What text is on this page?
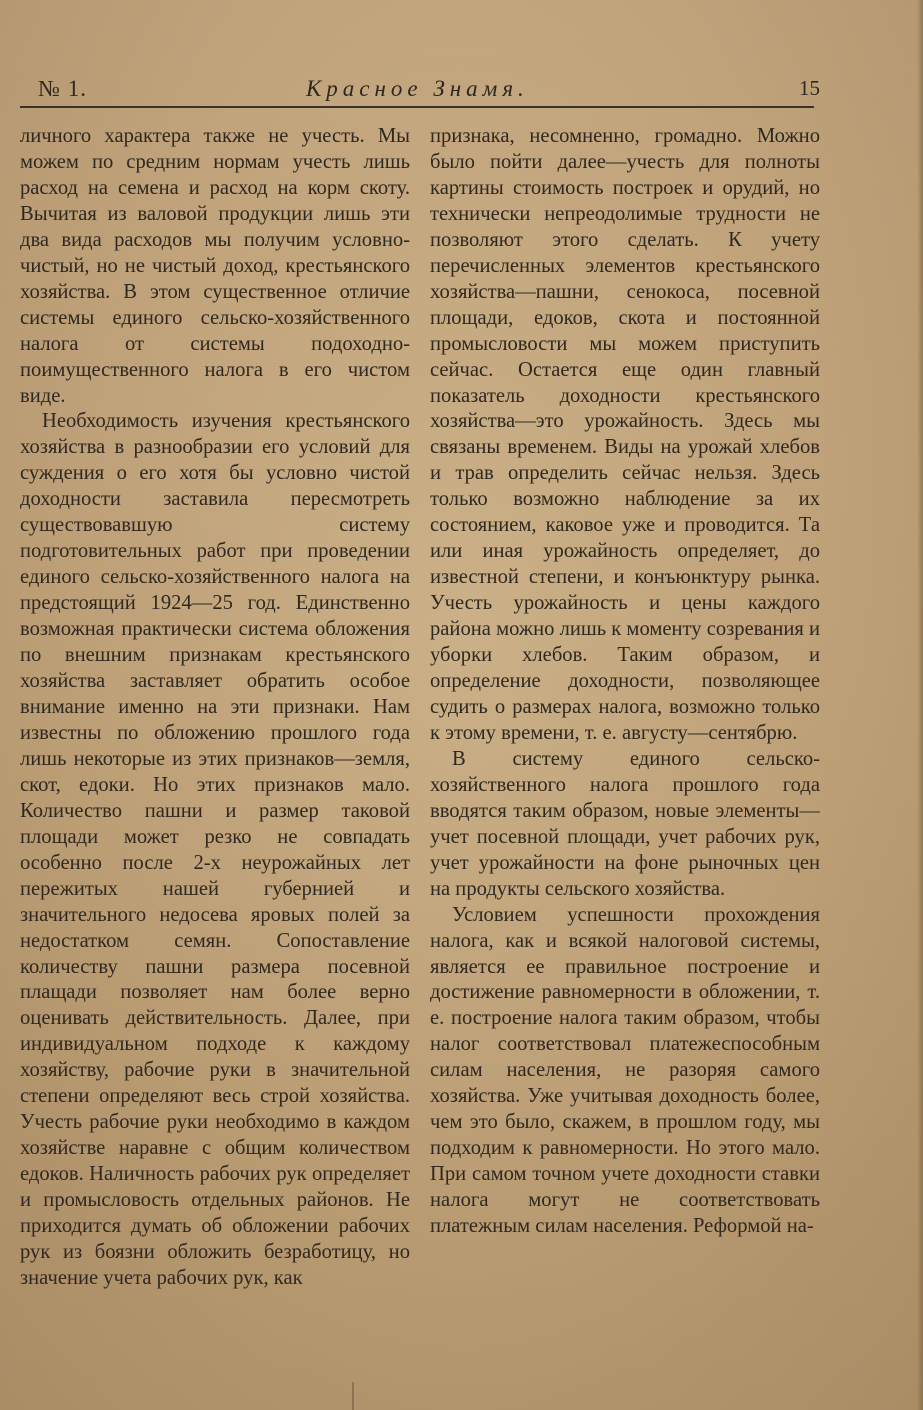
№ 1.	Красное Знамя.	15

личного характера также не учесть. Мы можем по средним нормам учесть лишь расход на семена и расход на корм скоту. Вычитая из валовой продукции лишь эти два вида расходов мы получим условно-чистый, но не чистый доход, крестьянского хозяйства. В этом существенное отличие системы единого сельско-хозяйственного налога от системы подоходно-поимущественного налога в его чистом виде.

Необходимость изучения крестьянского хозяйства в разнообразии его условий для суждения о его хотя бы условно чистой доходности заставила пересмотреть существовавшую систему подготовительных работ при проведении единого сельско-хозяйственного налога на предстоящий 1924—25 год. Единственно возможная практически система обложения по внешним признакам крестьянского хозяйства заставляет обратить особое внимание именно на эти признаки. Нам известны по обложению прошлого года лишь некоторые из этих признаков—земля, скот, едоки. Но этих признаков мало. Количество пашни и размер таковой площади может резко не совпадать особенно после 2-х неурожайных лет пережитых нашей губернией и значительного недосева яровых полей за недостатком семян. Сопоставление количеству пашни размера посевной плащади позволяет нам более верно оценивать действительность. Далее, при индивидуальном подходе к каждому хозяйству, рабочие руки в значительной степени определяют весь строй хозяйства. Учесть рабочие руки необходимо в каждом хозяйстве наравне с общим количеством едоков. Наличность рабочих рук определяет и промысловость отдельных районов. Не приходится думать об обложении рабочих рук из боязни обложить безработицу, но значение учета рабочих рук, как

признака, несомненно, громадно. Можно было пойти далее—учесть для полноты картины стоимость построек и орудий, но технически непреодолимые трудности не позволяют этого сделать. К учету перечисленных элементов крестьянского хозяйства—пашни, сенокоса, посевной площади, едоков, скота и постоянной промысловости мы можем приступить сейчас. Остается еще один главный показатель доходности крестьянского хозяйства—это урожайность. Здесь мы связаны временем. Виды на урожай хлебов и трав определить сейчас нельзя. Здесь только возможно наблюдение за их состоянием, каковое уже и проводится. Та или иная урожайность определяет, до известной степени, и конъюнктуру рынка. Учесть урожайность и цены каждого района можно лишь к моменту созревания и уборки хлебов. Таким образом, и определение доходности, позволяющее судить о размерах налога, возможно только к этому времени, т. е. августу—сентябрю.

В систему единого сельско-хозяйственного налога прошлого года вводятся таким образом, новые элементы—учет посевной площади, учет рабочих рук, учет урожайности на фоне рыночных цен на продукты сельского хозяйства.

Условием успешности прохождения налога, как и всякой налоговой системы, является ее правильное построение и достижение равномерности в обложении, т. е. построение налога таким образом, чтобы налог соответствовал платежеспособным силам населения, не разоряя самого хозяйства. Уже учитывая доходность более, чем это было, скажем, в прошлом году, мы подходим к равномерности. Но этого мало. При самом точном учете доходности ставки налога могут не соответствовать платежным силам населения. Реформой на-
